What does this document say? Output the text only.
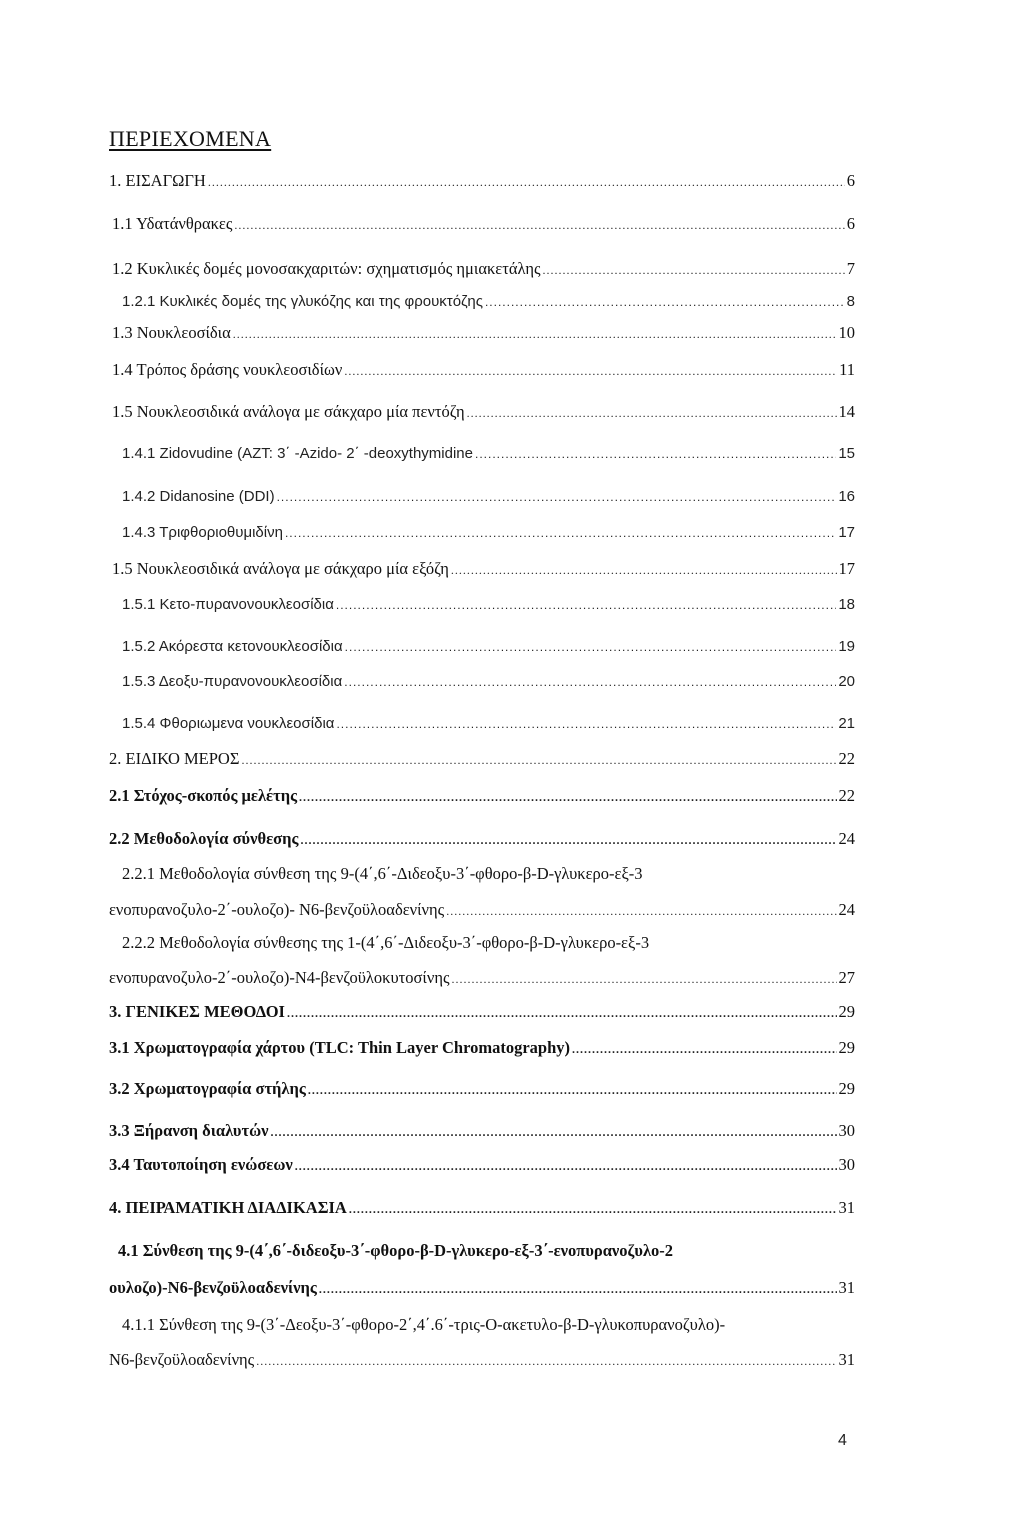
ΠΕΡΙΕΧΟΜΕΝΑ
1. ΕΙΣΑΓΩΓΗ .....	6
1.1 Υδατάνθρακες .....	6
1.2 Κυκλικές δομές μονοσακχαριτών: σχηματισμός ημιακετάλης .....	7
1.2.1 Κυκλικές δομές της γλυκόζης και της φρουκτόζης .....	8
1.3 Νουκλεοσίδια .....	10
1.4 Τρόπος δράσης νουκλεοσιδίων .....	11
1.5 Νουκλεοσιδικά ανάλογα με σάκχαρο μία πεντόζη .....	14
1.4.1 Zidovudine (AZT: 3΄ -Azido- 2΄ -deoxythymidine .....	15
1.4.2 Didanosine (DDI) .....	16
1.4.3 Τριφθοριοθυμιδίνη .....	17
1.5 Νουκλεοσιδικά ανάλογα με σάκχαρο μία εξόζη .....	17
1.5.1 Κετο-πυρανονουκλεοσίδια .....	18
1.5.2 Ακόρεστα κετονουκλεοσίδια .....	19
1.5.3 Δεοξυ-πυρανονουκλεοσίδια .....	20
1.5.4 Φθοριωμενα νουκλεοσίδια .....	21
2. ΕΙΔΙΚΟ ΜΕΡΟΣ .....	22
2.1 Στόχος-σκοπός μελέτης .....	22
2.2 Μεθοδολογία σύνθεσης .....	24
2.2.1 Μεθοδολογία σύνθεση της 9-(4΄,6΄-Διδεοξυ-3΄-φθορο-β-D-γλυκερο-εξ-3
ενοπυρανοζυλο-2΄-ουλοζο)- N6-βενζοϋλοαδενίνης .....	24
2.2.2 Μεθοδολογία σύνθεσης της 1-(4΄,6΄-Διδεοξυ-3΄-φθορο-β-D-γλυκερο-εξ-3
ενοπυρανοζυλο-2΄-ουλοζο)-N4-βενζοϋλοκυτοσίνης .....	27
3. ΓΕΝΙΚΕΣ ΜΕΘΟΔΟΙ .....	29
3.1 Χρωματογραφία χάρτου (TLC: Thin Layer Chromatography) .....	29
3.2 Χρωματογραφία στήλης .....	29
3.3 Ξήρανση διαλυτών .....	30
3.4 Ταυτοποίηση ενώσεων .....	30
4. ΠΕΙΡΑΜΑΤΙΚΗ ΔΙΑΔΙΚΑΣΙΑ .....	31
4.1 Σύνθεση της 9-(4΄,6΄-διδεοξυ-3΄-φθορο-β-D-γλυκερο-εξ-3΄-ενοπυρανοζυλο-2
ουλοζο)-N6-βενζοϋλοαδενίνης .....	31
4.1.1 Σύνθεση της 9-(3΄-Δεοξυ-3΄-φθορο-2΄,4΄.6΄-τρις-O-ακετυλο-β-D-γλυκοπυρανοζυλο)-
N6-βενζοϋλοαδενίνης .....	31
4
